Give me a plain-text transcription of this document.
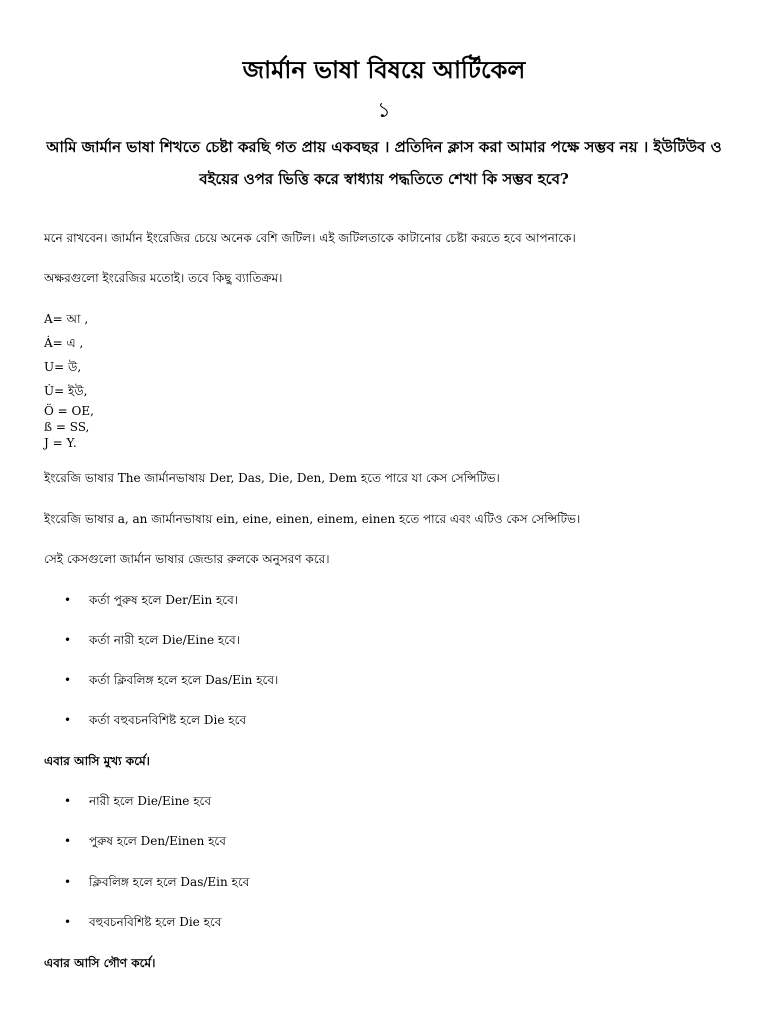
জার্মান ভাষা বিষয়ে আর্টিকেল
১
আমি জার্মান ভাষা শিখতে চেষ্টা করছি গত প্রায় একবছর । প্রতিদিন ক্লাস করা আমার পক্ষে সম্ভব নয় । ইউটিউব ও
বইয়ের ওপর ভিত্তি করে স্বাধ্যায় পদ্ধতিতে শেখা কি সম্ভব হবে?
মনে রাখবেন। জার্মান ইংরেজির চেয়ে অনেক বেশি জটিল। এই জটিলতাকে কাটানোর চেষ্টা করতে হবে আপনাকে।
অক্ষরগুলো ইংরেজির মতোই। তবে কিছু ব্যাতিক্রম।
A= আ ,
Ȧ= এ ,
U= উ,
U̇= ইউ,
Ö = OE,
ß = SS,
J = Y.
ইংরেজি ভাষার The জার্মানভাষায় Der, Das, Die, Den, Dem হতে পারে যা কেস সেন্সিটিভ।
ইংরেজি ভাষার a, an জার্মানভাষায় ein, eine, einen, einem, einen হতে পারে এবং এটিও কেস সেন্সিটিভ।
সেই কেসগুলো জার্মান ভাষার জেন্ডার রুলকে অনুসরণ করে।
• কর্তা পুরুষ হলে Der/Ein হবে।
• কর্তা নারী হলে Die/Eine হবে।
• কর্তা ক্লিবলিঙ্গ হলে হলে Das/Ein হবে।
• কর্তা বহুবচনবিশিষ্ট হলে Die হবে
এবার আসি মুখ্য কর্মে।
• নারী হলে Die/Eine হবে
• পুরুষ হলে Den/Einen হবে
• ক্লিবলিঙ্গ হলে হলে Das/Ein হবে
• বহুবচনবিশিষ্ট হলে Die হবে
এবার আসি গৌণ কর্মে।
